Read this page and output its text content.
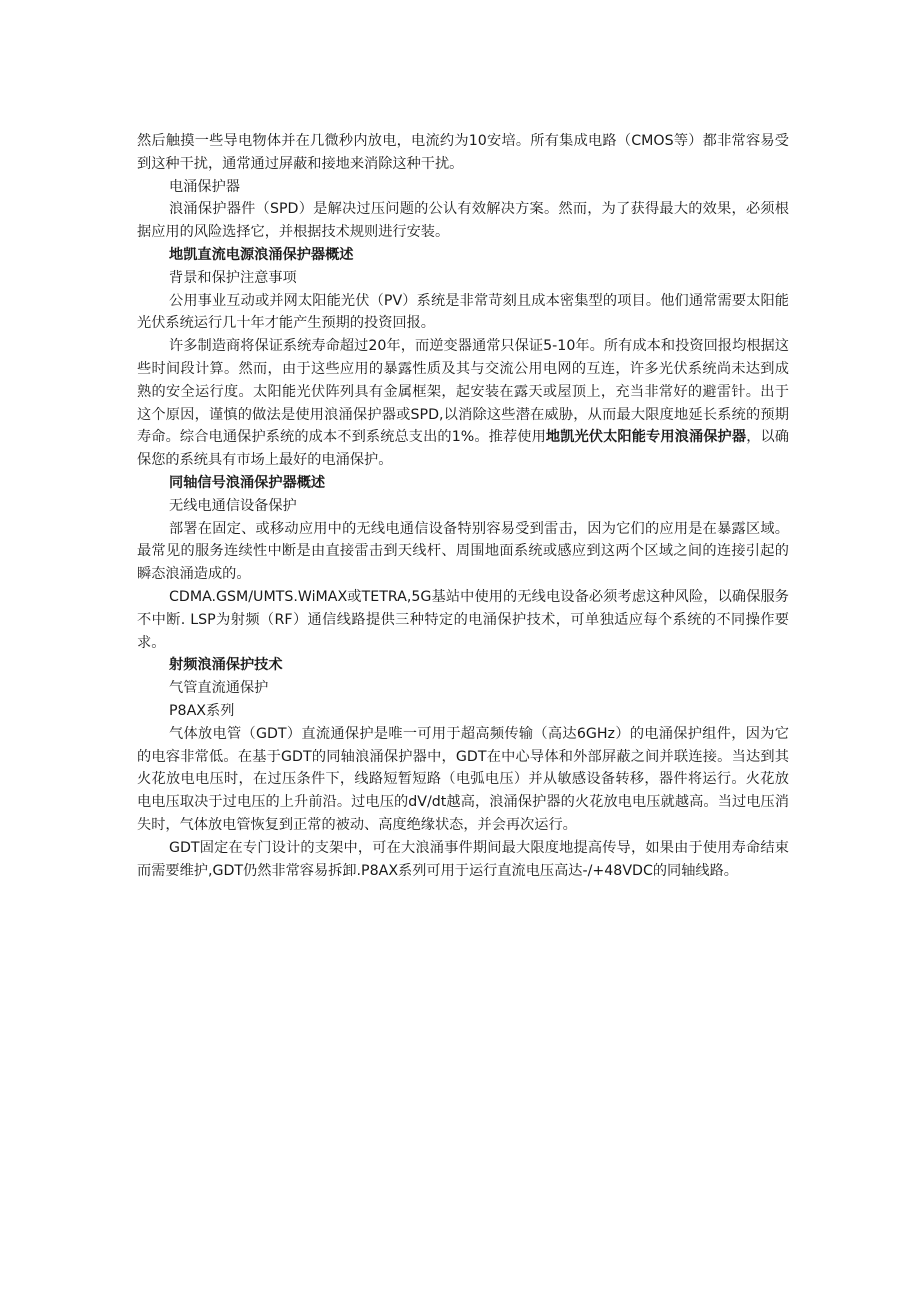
然后触摸一些导电物体并在几微秒内放电，电流约为10安培。所有集成电路（CMOS等）都非常容易受到这种干扰，通常通过屏蔽和接地来消除这种干扰。

电涌保护器

浪涌保护器件（SPD）是解决过压问题的公认有效解决方案。然而，为了获得最大的效果，必须根据应用的风险选择它，并根据技术规则进行安装。

地凯直流电源浪涌保护器概述

背景和保护注意事项

公用事业互动或并网太阳能光伏（PV）系统是非常苛刻且成本密集型的项目。他们通常需要太阳能光伏系统运行几十年才能产生预期的投资回报。

许多制造商将保证系统寿命超过20年，而逆变器通常只保证5-10年。所有成本和投资回报均根据这些时间段计算。然而，由于这些应用的暴露性质及其与交流公用电网的互连，许多光伏系统尚未达到成熟的安全运行度。太阳能光伏阵列具有金属框架，起安装在露天或屋顶上，充当非常好的避雷针。出于这个原因，谨慎的做法是使用浪涌保护器或SPD,以消除这些潜在威胁，从而最大限度地延长系统的预期寿命。综合电通保护系统的成本不到系统总支出的1%。推荐使用地凯光伏太阳能专用浪涌保护器，以确保您的系统具有市场上最好的电涌保护。

同轴信号浪涌保护器概述

无线电通信设备保护

部署在固定、或移动应用中的无线电通信设备特别容易受到雷击，因为它们的应用是在暴露区域。最常见的服务连续性中断是由直接雷击到天线杆、周围地面系统或感应到这两个区域之间的连接引起的瞬态浪涌造成的。

CDMA.GSM/UMTS.WiMAX或TETRA,5G基站中使用的无线电设备必须考虑这种风险，以确保服务不中断. LSP为射频（RF）通信线路提供三种特定的电涌保护技术，可单独适应每个系统的不同操作要求。

射频浪涌保护技术

气管直流通保护

P8AX系列

气体放电管（GDT）直流通保护是唯一可用于超高频传输（高达6GHz）的电涌保护组件，因为它的电容非常低。在基于GDT的同轴浪涌保护器中，GDT在中心导体和外部屏蔽之间并联连接。当达到其火花放电电压时，在过压条件下，线路短暂短路（电弧电压）并从敏感设备转移，器件将运行。火花放电电压取决于过电压的上升前沿。过电压的dV/dt越高，浪涌保护器的火花放电电压就越高。当过电压消失时，气体放电管恢复到正常的被动、高度绝缘状态，并会再次运行。

GDT固定在专门设计的支架中，可在大浪涌事件期间最大限度地提高传导，如果由于使用寿命结束而需要维护,GDT仍然非常容易拆卸.P8AX系列可用于运行直流电压高达-/+48VDC的同轴线路。
